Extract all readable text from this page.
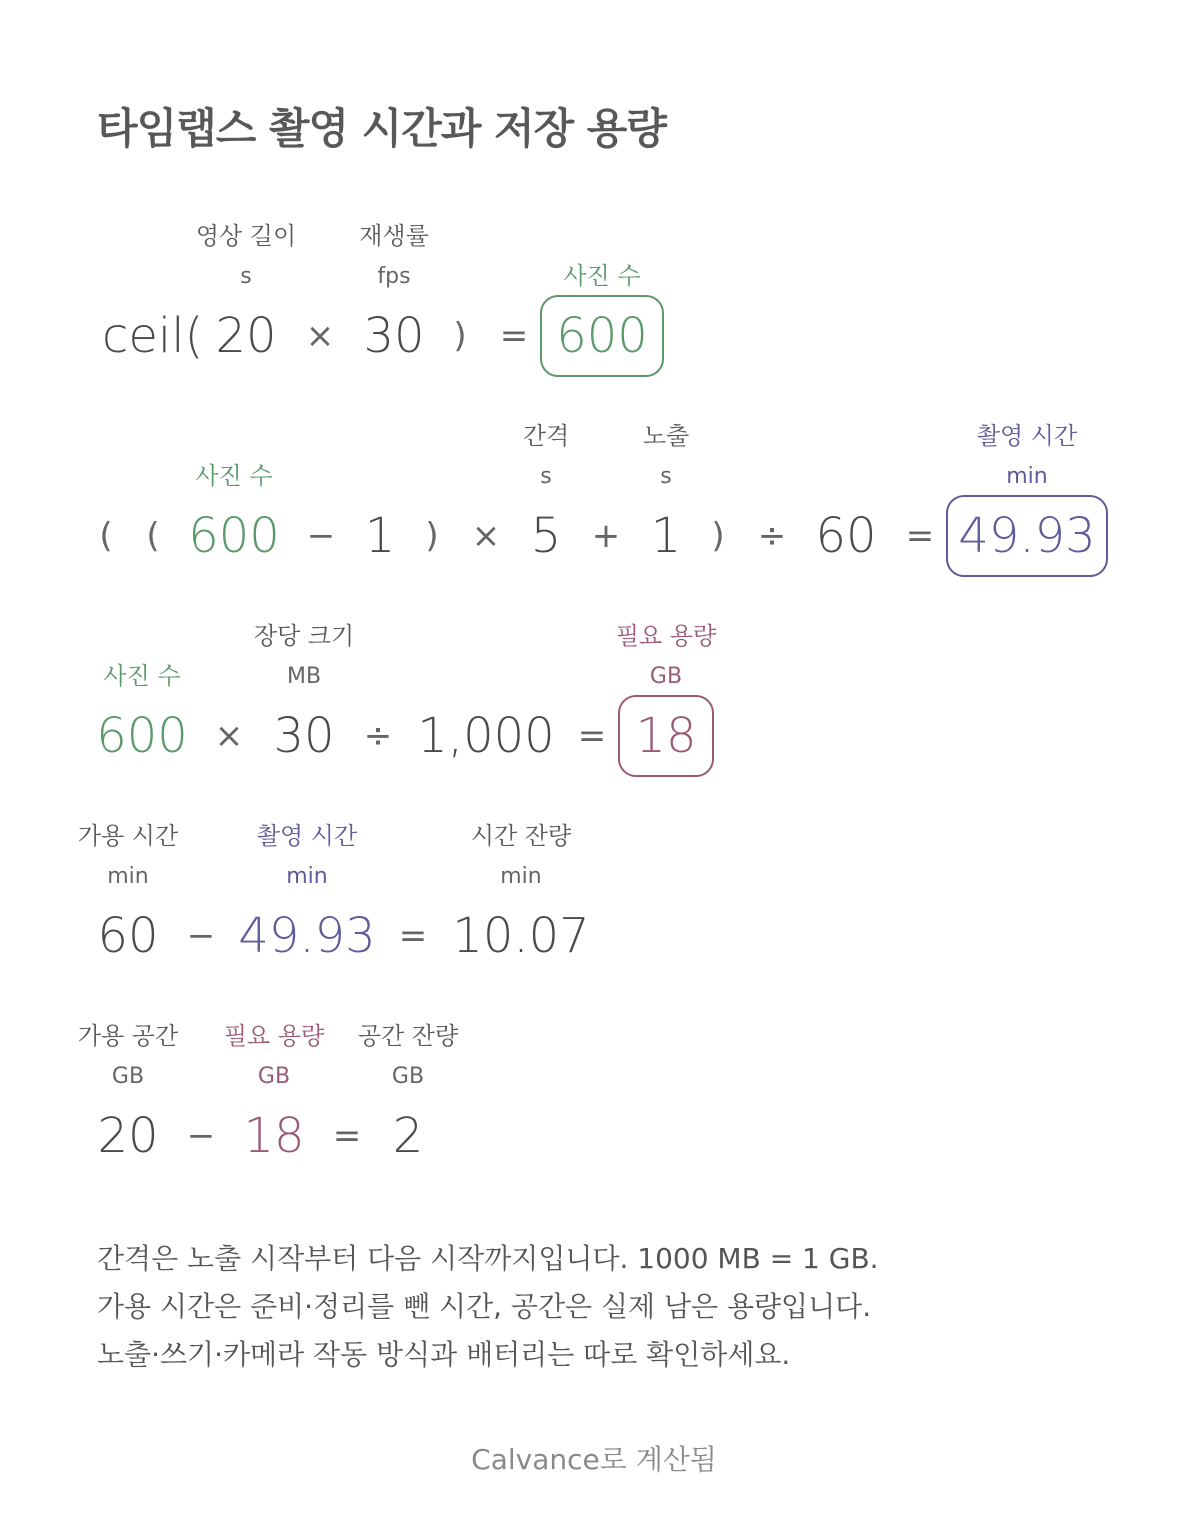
타임랩스 촬영 시간과 저장 용량
ceil(
영상 길이
s
20 ×
재생률
fps
30 ) =
사진 수
600
( (
사진 수
600 − 1 ) ×
간격
s
5 +
노출
s
1 ) ÷ 60 =
촬영 시간
min
49.93
사진 수
600 ×
장당 크기
MB
30 ÷ 1,000 =
필요 용량
GB
18
가용 시간
min
60 −
촬영 시간
min
49.93 =
시간 잔량
min
10.07
가용 공간
GB
20 −
필요 용량
GB
18 =
공간 잔량
GB
2
간격은 노출 시작부터 다음 시작까지입니다. 1000 MB = 1 GB.
가용 시간은 준비·정리를 뺀 시간, 공간은 실제 남은 용량입니다.
노출·쓰기·카메라 작동 방식과 배터리는 따로 확인하세요.
Calvance로 계산됨
